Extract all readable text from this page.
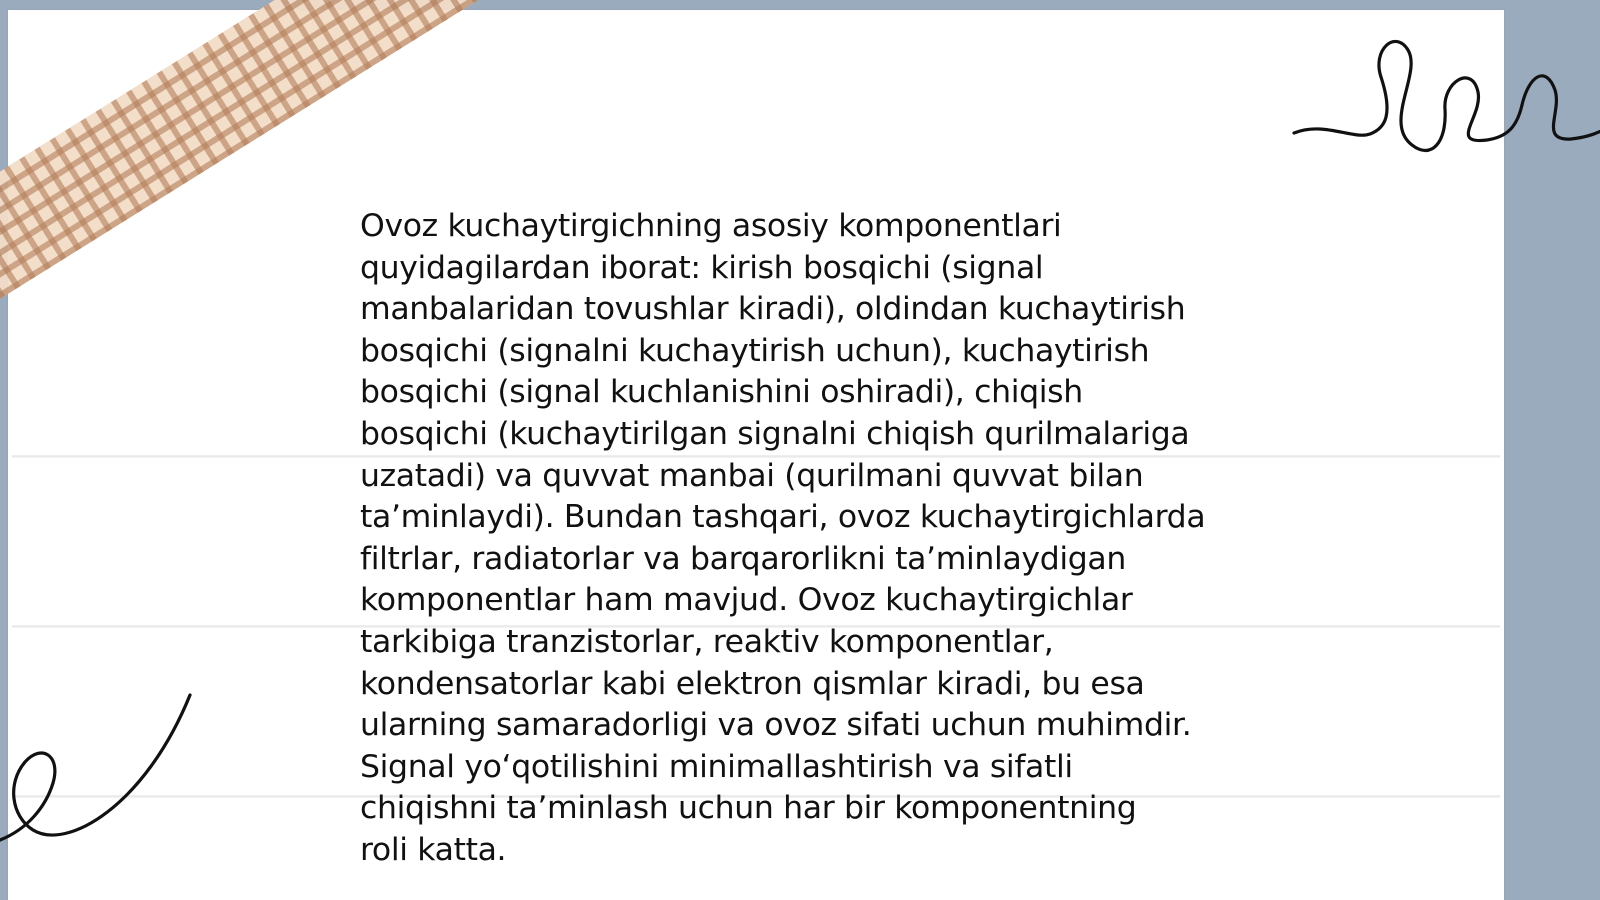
Ovoz kuchaytirgichning asosiy komponentlari
quyidagilardan iborat: kirish bosqichi (signal
manbalaridan tovushlar kiradi), oldindan kuchaytirish
bosqichi (signalni kuchaytirish uchun), kuchaytirish
bosqichi (signal kuchlanishini oshiradi), chiqish
bosqichi (kuchaytirilgan signalni chiqish qurilmalariga
uzatadi) va quvvat manbai (qurilmani quvvat bilan
ta’minlaydi). Bundan tashqari, ovoz kuchaytirgichlarda
filtrlar, radiatorlar va barqarorlikni ta’minlaydigan
komponentlar ham mavjud. Ovoz kuchaytirgichlar
tarkibiga tranzistorlar, reaktiv komponentlar,
kondensatorlar kabi elektron qismlar kiradi, bu esa
ularning samaradorligi va ovoz sifati uchun muhimdir.
Signal yo‘qotilishini minimallashtirish va sifatli
chiqishni ta’minlash uchun har bir komponentning
roli katta.
